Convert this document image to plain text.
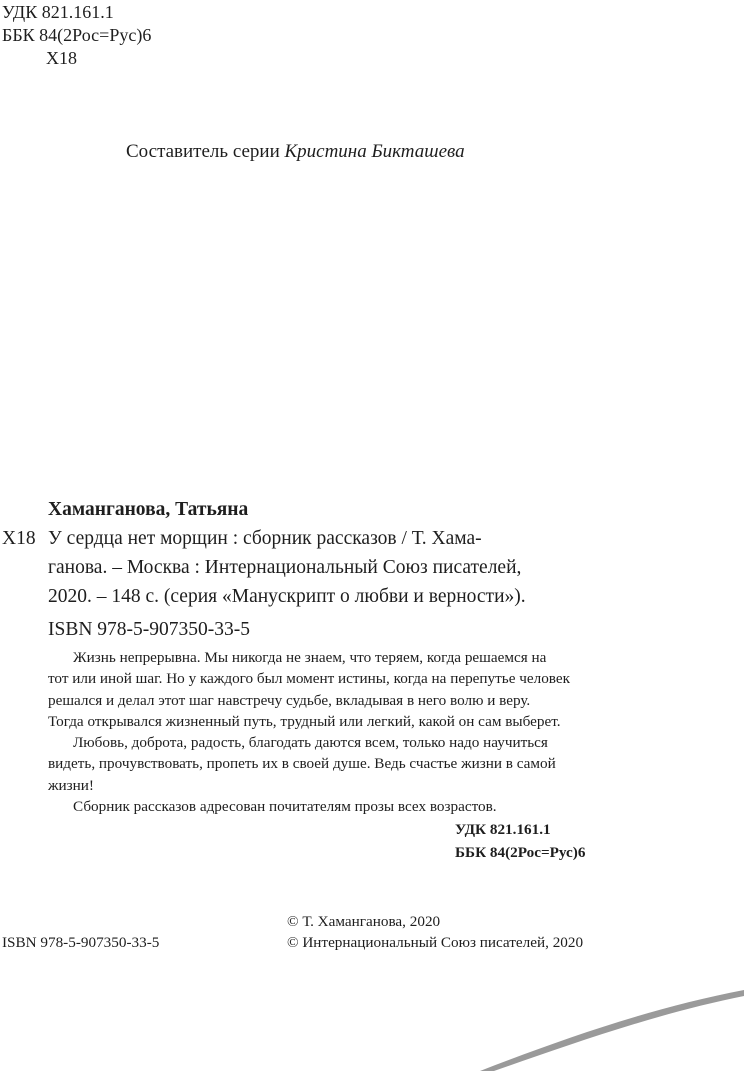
УДК 821.161.1
ББК 84(2Рос=Рус)6
Х18
Составитель серии Кристина Бикташева
Хаманганова, Татьяна
Х18 У сердца нет морщин : сборник рассказов / Т. Хама-
ганова. – Москва : Интернациональный Союз писателей,
2020. – 148 с. (серия «Манускрипт о любви и верности»).
ISBN 978-5-907350-33-5

Жизнь непрерывна. Мы никогда не знаем, что теряем, когда решаемся на

тот или иной шаг. Но у каждого был момент истины, когда на перепутье человек

решался и делал этот шаг навстречу судьбе, вкладывая в него волю и веру.

Тогда открывался жизненный путь, трудный или легкий, какой он сам выберет.

Любовь, доброта, радость, благодать даются всем, только надо научиться

видеть, прочувствовать, пропеть их в своей душе. Ведь счастье жизни в самой

жизни!

Сборник рассказов адресован почитателям прозы всех возрастов.

УДК 821.161.1
ББК 84(2Рос=Рус)6
© Т. Хаманганова, 2020
ISBN 978-5-907350-33-5	© Интернациональный Союз писателей, 2020
